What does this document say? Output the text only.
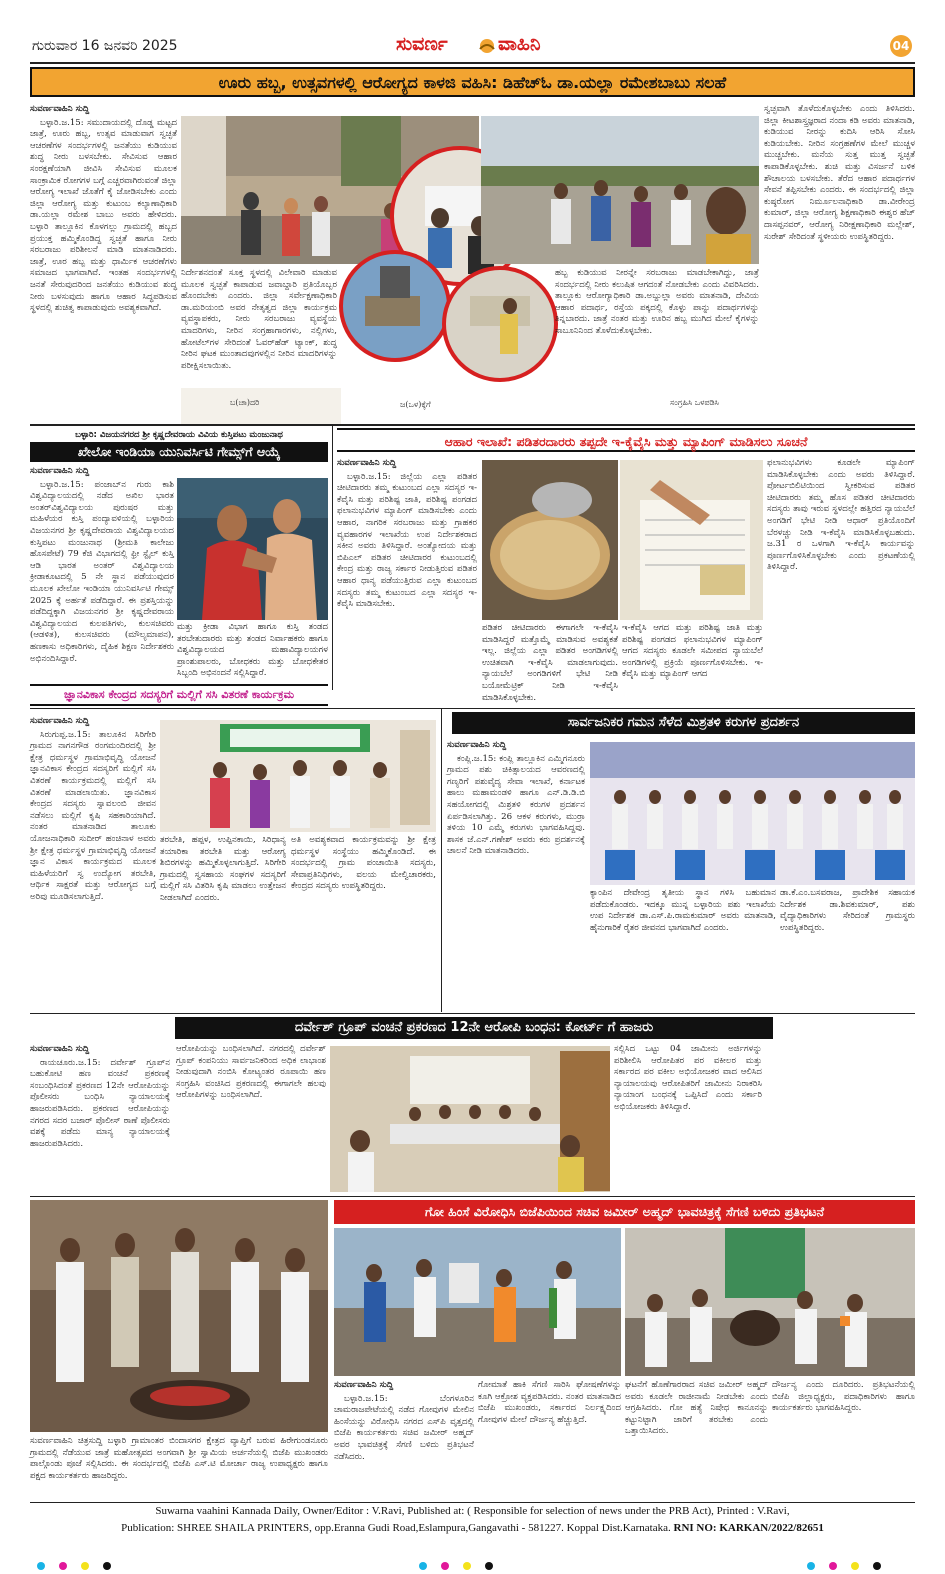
ಗುರುವಾರ 16 ಜನವರಿ 2025	ಸುವರ್ಣ	ವಾಹಿನಿ	04
ಊರು ಹಬ್ಬ, ಉತ್ಸವಗಳಲ್ಲಿ ಆರೋಗ್ಯದ ಕಾಳಜಿ ವಹಿಸಿ: ಡಿಹೆಚ್ಓ ಡಾ.ಯಲ್ಲಾ ರಮೇಶಬಾಬು ಸಲಹೆ

ಸುವರ್ಣವಾಹಿನಿ ಸುದ್ದಿ

ಬಳ್ಳಾರಿ.ಜ.15: ಸಮುದಾಯದಲ್ಲಿ ದೊಡ್ಡ ಮಟ್ಟದ ಜಾತ್ರೆ, ಊರು ಹಬ್ಬ, ಉತ್ಸವ ಮಾಡುವಾಗ ಸ್ವಚ್ಛತೆ ಆಚರಣೆಗಳ ಸಂದರ್ಭಗಳಲ್ಲಿ ಜನತೆಯು ಕುಡಿಯುವ ಶುದ್ಧ ನೀರು ಬಳಸಬೇಕು. ಸೇವಿಸುವ ಆಹಾರ ಸಂರಕ್ಷಣೆಯಾಗಿ ಜೀವಿಸಿ ಸೇವಿಸುವ ಮೂಲಕ ಸಾಂಕ್ರಾಮಿಕ ರೋಗಗಳ ಬಗ್ಗೆ ಎಚ್ಚರವಾಗಿರುವಂತೆ ಜಿಲ್ಲಾ ಆರೋಗ್ಯ ಇಲಾಖೆ ಜೊತೆಗೆ ಕೈ ಜೋಡಿಸಬೇಕು ಎಂದು ಜಿಲ್ಲಾ ಆರೋಗ್ಯ ಮತ್ತು ಕುಟುಂಬ ಕಲ್ಯಾಣಾಧಿಕಾರಿ ಡಾ.ಯಲ್ಲಾ ರಮೇಶ ಬಾಬು ಅವರು ಹೇಳಿದರು. ಬಳ್ಳಾರಿ ತಾಲ್ಲೂಕಿನ ಕೊಳಗಲ್ಲು ಗ್ರಾಮದಲ್ಲಿ ಹಬ್ಬದ ಪ್ರಯುಕ್ತ ಹಮ್ಮಿಕೊಂಡಿದ್ದ ಸ್ವಚ್ಛತೆ ಹಾಗೂ ನೀರು ಸರಬರಾಜು ಪರಿಶೀಲನೆ ಮಾಡಿ ಮಾತನಾಡಿದರು. ಜಾತ್ರೆ, ಊರ ಹಬ್ಬ ಮತ್ತು ಧಾರ್ಮಿಕ ಆಚರಣೆಗಳು ಸಮಾಜದ ಭಾಗವಾಗಿವೆ. ಇಂತಹ ಸಂದರ್ಭಗಳಲ್ಲಿ ಜನತೆ ಸೇರುವುದರಿಂದ ಜನತೆಯು ಕುಡಿಯುವ ಶುದ್ಧ ನೀರು ಬಳಸುವುದು ಹಾಗೂ ಆಹಾರ ಸಿದ್ಧಪಡಿಸುವ ಸ್ಥಳದಲ್ಲಿ ಶುಚಿತ್ವ ಕಾಪಾಡುವುದು ಅವಶ್ಯಕವಾಗಿದೆ.

ನಿರ್ದೇಶನದಂತೆ ಸೂಕ್ತ ಸ್ಥಳದಲ್ಲಿ ವಿಲೇವಾರಿ ಮಾಡುವ ಮೂಲಕ ಸ್ವಚ್ಛತೆ ಕಾಪಾಡುವ ಜವಾಬ್ದಾರಿ ಪ್ರತಿಯೊಬ್ಬರ ಹೊಂದಬೇಕು ಎಂದರು. ಜಿಲ್ಲಾ ಸರ್ವೇಕ್ಷಣಾಧಿಕಾರಿ ಡಾ.ಮರಿಯಂಬಿ ಅವರ ನೇತೃತ್ವದ ಜಿಲ್ಲಾ ಕಾರ್ಯಕ್ರಮ ವ್ಯವಸ್ಥಾಪಕರು, ನೀರು ಸರಬರಾಜು ವ್ಯವಸ್ಥೆಯ ಮಾದರಿಗಳು, ನೀರಿನ ಸಂಗ್ರಹಾಗಾರಗಳು, ನಲ್ಲಿಗಳು, ಹೋಟೆಲ್‌ಗಳ ಸೇರಿದಂತೆ ಓವರ್‌ಹೆಡ್ ಟ್ಯಾಂಕ್, ಶುದ್ಧ ನೀರಿನ ಘಟಕ ಮುಂತಾದವುಗಳಲ್ಲಿನ ನೀರಿನ ಮಾದರಿಗಳನ್ನು ಪರೀಕ್ಷಿಸಲಾಯಿತು.
ಹಬ್ಬ ಕುಡಿಯುವ ನೀರನ್ನೇ ಸರಬರಾಜು ಮಾಡಬೇಕಾಗಿದ್ದು, ಜಾತ್ರೆ ಸಂದರ್ಭದಲ್ಲಿ ನೀರು ಕಲುಷಿತ ಆಗದಂತೆ ನೋಡಬೇಕು ಎಂದು ವಿವರಿಸಿದರು. ತಾಲ್ಲೂಕು ಆರೋಗ್ಯಾಧಿಕಾರಿ ಡಾ.ಅಬ್ದುಲ್ಲಾ ಅವರು ಮಾತನಾಡಿ, ದೇವಿಯ ಆಹಾರ ಪದಾರ್ಥ, ರಸ್ತೆಯ ಪಕ್ಕದಲ್ಲಿ ಕೊಳ್ಳು ಪಾನ್ನು ಪದಾರ್ಥಗಳನ್ನು ತಿನ್ನಬಾರದು. ಜಾತ್ರೆ ನಂತರ ಮತ್ತು ಊರಿನ ಹಬ್ಬ ಮುಗಿದ ಮೇಲೆ ಕೈಗಳನ್ನು ಸಾಬೂನಿನಿಂದ ತೊಳೆದುಕೊಳ್ಳಬೇಕು.
ಬ(ಚಾ)ದರಿ	ಜ(ಒಳ)ಕ್ಕೆಗೆ	ಸಂಗ್ರಹಿಸಿ ಒಳಪಡಿಸಿ
ಸ್ವಚ್ಛವಾಗಿ ತೊಳೆದುಕೊಳ್ಳಬೇಕು ಎಂದು ತಿಳಿಸಿದರು. ಜಿಲ್ಲಾ ಕೀಟಶಾಸ್ತ್ರಜ್ಞರಾದ ನಂದಾ ಕಡಿ ಅವರು ಮಾತನಾಡಿ, ಕುಡಿಯುವ ನೀರನ್ನು ಕುದಿಸಿ ಆರಿಸಿ ಸೋಸಿ ಕುಡಿಯಬೇಕು. ನೀರಿನ ಸಂಗ್ರಹಣೆಗಳ ಮೇಲೆ ಮುಚ್ಚಳ ಮುಚ್ಚಬೇಕು. ಮನೆಯ ಸುತ್ತ ಮುತ್ತ ಸ್ವಚ್ಛತೆ ಕಾಪಾಡಿಕೊಳ್ಳಬೇಕು. ಶುಚಿ ಮತ್ತು ವಿಸರ್ಜನೆ ಬಳಿಕ ಶೌಚಾಲಯ ಬಳಸಬೇಕು. ತೆರೆದ ಆಹಾರ ಪದಾರ್ಥಗಳ ಸೇವನೆ ತಪ್ಪಿಸಬೇಕು ಎಂದರು. ಈ ಸಂದರ್ಭದಲ್ಲಿ ಜಿಲ್ಲಾ ಕುಷ್ಠರೋಗ ನಿರ್ಮೂಲನಾಧಿಕಾರಿ ಡಾ.ವೀರೇಂದ್ರ ಕುಮಾರ್, ಜಿಲ್ಲಾ ಆರೋಗ್ಯ ಶಿಕ್ಷಣಾಧಿಕಾರಿ ಈಶ್ವರ ಹೆಚ್ ದಾಸಪ್ಪನವರ್, ಆರೋಗ್ಯ ನಿರೀಕ್ಷಣಾಧಿಕಾರಿ ಮಲ್ಲೇಶ್, ಸುರೇಶ್ ಸೇರಿದಂತೆ ಸ್ಥಳೀಯರು ಉಪಸ್ಥಿತರಿದ್ದರು.
ಬಳ್ಳಾರಿ: ವಿಜಯನಗರದ ಶ್ರೀ ಕೃಷ್ಣದೇವರಾಯ ವಿವಿಯ ಕುಸ್ತಿಪಟು ಮಂಜುನಾಥ
ಖೇಲೋ ಇಂಡಿಯಾ ಯುನಿವರ್ಸಿಟಿ ಗೇಮ್ಸ್‌ಗೆ ಆಯ್ಕೆ

ಸುವರ್ಣವಾಹಿನಿ ಸುದ್ದಿ

ಬಳ್ಳಾರಿ.ಜ.15: ಪಂಜಾಬ್‌ನ ಗುರು ಕಾಶಿ ವಿಶ್ವವಿದ್ಯಾಲಯದಲ್ಲಿ ನಡೆದ ಅಖಿಲ ಭಾರತ ಅಂತರ್‌ವಿಶ್ವವಿದ್ಯಾಲಯ ಪುರುಷರ ಮತ್ತು ಮಹಿಳೆಯರ ಕುಸ್ತಿ ಪಂದ್ಯಾವಳಿಯಲ್ಲಿ ಬಳ್ಳಾರಿಯ ವಿಜಯನಗರ ಶ್ರೀ ಕೃಷ್ಣದೇವರಾಯ ವಿಶ್ವವಿದ್ಯಾಲಯದ ಕುಸ್ತಿಪಟು ಮಂಜುನಾಥ (ಶ್ರೀಮತಿ ಕಾಲೇಜು ಹೊಸಪೇಟೆ) 79 ಕೆಜಿ ವಿಭಾಗದಲ್ಲಿ ಫ್ರೀ ಸ್ಟೈಲ್ ಕುಸ್ತಿ ಆಡಿ ಭಾರತ ಅಂತರ್ ವಿಶ್ವವಿದ್ಯಾಲಯ ಕ್ರೀಡಾಕೂಟದಲ್ಲಿ 5 ನೇ ಸ್ಥಾನ ಪಡೆಯುವುದರ ಮೂಲಕ ಖೇಲೋ ಇಂಡಿಯಾ ಯುನಿವರ್ಸಿಟಿ ಗೇಮ್ಸ್ 2025 ಕ್ಕೆ ಅರ್ಹತೆ ಪಡೆದಿದ್ದಾರೆ. ಈ ಪ್ರಶಸ್ತಿಯನ್ನು ಪಡೆದಿದ್ದಕ್ಕಾಗಿ ವಿಜಯನಗರ ಶ್ರೀ ಕೃಷ್ಣದೇವರಾಯ ವಿಶ್ವವಿದ್ಯಾಲಯದ ಕುಲಪತಿಗಳು, ಕುಲಸಚಿವರು (ಆಡಳಿತ), ಕುಲಸಚಿವರು (ಮೌಲ್ಯಮಾಪನ), ಹಣಕಾಸು ಅಧಿಕಾರಿಗಳು, ದೈಹಿಕ ಶಿಕ್ಷಣ ನಿರ್ದೇಶಕರು ಅಭಿನಂದಿಸಿದ್ದಾರೆ.

ಮತ್ತು ಕ್ರೀಡಾ ವಿಭಾಗ ಹಾಗೂ ಕುಸ್ತಿ ತಂಡದ ತರಬೇತುದಾರರು ಮತ್ತು ತಂಡದ ನಿರ್ವಾಹಕರು ಹಾಗೂ ವಿಶ್ವವಿದ್ಯಾಲಯದ ಮಹಾವಿದ್ಯಾಲಯಗಳ ಪ್ರಾಂಶುಪಾಲರು, ಬೋಧಕರು ಮತ್ತು ಬೋಧಕೇತರ ಸಿಬ್ಬಂದಿ ಅಭಿನಂದನೆ ಸಲ್ಲಿಸಿದ್ದಾರೆ.
ಆಹಾರ ಇಲಾಖೆ: ಪಡಿತರದಾರರು ತಪ್ಪದೇ ಇ-ಕೈವೈಸಿ ಮತ್ತು ಮ್ಯಾಪಿಂಗ್ ಮಾಡಿಸಲು ಸೂಚನೆ

ಸುವರ್ಣವಾಹಿನಿ ಸುದ್ದಿ

ಬಳ್ಳಾರಿ.ಜ.15: ಜಿಲ್ಲೆಯ ಎಲ್ಲಾ ಪಡಿತರ ಚೀಟಿದಾರರು ತಮ್ಮ ಕುಟುಂಬದ ಎಲ್ಲಾ ಸದಸ್ಯರ ಇ-ಕೆವೈಸಿ ಮತ್ತು ಪರಿಶಿಷ್ಟ ಜಾತಿ, ಪರಿಶಿಷ್ಟ ಪಂಗಡದ ಫಲಾನುಭವಿಗಳ ಮ್ಯಾಪಿಂಗ್ ಮಾಡಿಸಬೇಕು ಎಂದು ಆಹಾರ, ನಾಗರಿಕ ಸರಬರಾಜು ಮತ್ತು ಗ್ರಾಹಕರ ವ್ಯವಹಾರಗಳ ಇಲಾಖೆಯ ಉಪ ನಿರ್ದೇಶಕರಾದ ಸಕೀನ ಅವರು ತಿಳಿಸಿದ್ದಾರೆ. ಅಂತ್ಯೋದಯ ಮತ್ತು ಬಿಪಿಎಲ್ ಪಡಿತರ ಚೀಟಿದಾರರ ಕುಟುಂಬದಲ್ಲಿ ಕೇಂದ್ರ ಮತ್ತು ರಾಜ್ಯ ಸರ್ಕಾರ ನೀಡುತ್ತಿರುವ ಪಡಿತರ ಆಹಾರ ಧಾನ್ಯ ಪಡೆಯುತ್ತಿರುವ ಎಲ್ಲಾ ಕುಟುಂಬದ ಸದಸ್ಯರು ತಮ್ಮ ಕುಟುಂಬದ ಎಲ್ಲಾ ಸದಸ್ಯರ ಇ-ಕೆವೈಸಿ ಮಾಡಿಸಬೇಕು.

ಪಡಿತರ ಚೀಟಿದಾರರು ಈಗಾಗಲೇ ಇ-ಕೆವೈಸಿ ಮಾಡಿಸಿದ್ದರೆ ಮತ್ತೊಮ್ಮೆ ಮಾಡಿಸುವ ಅವಶ್ಯಕತೆ ಇಲ್ಲ. ಜಿಲ್ಲೆಯ ಎಲ್ಲಾ ಪಡಿತರ ಅಂಗಡಿಗಳಲ್ಲಿ ಉಚಿತವಾಗಿ ಇ-ಕೆವೈಸಿ ಮಾಡಲಾಗುವುದು. ನ್ಯಾಯಬೆಲೆ ಅಂಗಡಿಗಳಿಗೆ ಭೇಟಿ ನೀಡಿ ಬಯೋಮೆಟ್ರಿಕ್ ನೀಡಿ ಇ-ಕೆವೈಸಿ ಮಾಡಿಸಿಕೊಳ್ಳಬೇಕು.
ಇ-ಕೆವೈಸಿ ಆಗದ ಮತ್ತು ಪರಿಶಿಷ್ಟ ಜಾತಿ ಮತ್ತು ಪರಿಶಿಷ್ಟ ಪಂಗಡದ ಫಲಾನುಭವಿಗಳ ಮ್ಯಾಪಿಂಗ್ ಆಗದ ಸದಸ್ಯರು ಕೂಡಲೇ ಸಮೀಪದ ನ್ಯಾಯಬೆಲೆ ಅಂಗಡಿಗಳಲ್ಲಿ ಪ್ರಕ್ರಿಯೆ ಪೂರ್ಣಗೊಳಿಸಬೇಕು. ಇ-ಕೆವೈಸಿ ಮತ್ತು ಮ್ಯಾಪಿಂಗ್ ಆಗದ
ಫಲಾನುಭವಿಗಳು ಕೂಡಲೇ ಮ್ಯಾಪಿಂಗ್ ಮಾಡಿಸಿಕೊಳ್ಳಬೇಕು ಎಂದು ಅವರು ತಿಳಿಸಿದ್ದಾರೆ. ಪೋರ್ಟಬಿಲಿಟಿಯಿಂದ ಸ್ವೀಕರಿಸುವ ಪಡಿತರ ಚೀಟಿದಾರರು ತಮ್ಮ ಹೊಸ ಪಡಿತರ ಚೀಟಿದಾರರು ಸದಸ್ಯರು ತಾವು ಇರುವ ಸ್ಥಳದಲ್ಲೇ ಹತ್ತಿರದ ನ್ಯಾಯಬೆಲೆ ಅಂಗಡಿಗೆ ಭೇಟಿ ನೀಡಿ ಆಧಾರ್ ಪ್ರತಿಯೊಂದಿಗೆ ಬೆರಳಚ್ಚು ನೀಡಿ ಇ-ಕೆವೈಸಿ ಮಾಡಿಸಿಕೊಳ್ಳಬಹುದು. ಜ.31 ರ ಒಳಗಾಗಿ ಇ-ಕೆವೈಸಿ ಕಾರ್ಯವನ್ನು ಪೂರ್ಣಗೊಳಿಸಿಕೊಳ್ಳಬೇಕು ಎಂದು ಪ್ರಕಟಣೆಯಲ್ಲಿ ತಿಳಿಸಿದ್ದಾರೆ.
ಜ್ಞಾನವಿಕಾಸ ಕೇಂದ್ರದ ಸದಸ್ಯರಿಗೆ ಮಲ್ಲಿಗೆ ಸಸಿ ವಿತರಣೆ ಕಾರ್ಯಕ್ರಮ

ಸುವರ್ಣವಾಹಿನಿ ಸುದ್ದಿ

ಸಿರುಗುಪ್ಪ.ಜ.15: ತಾಲೂಕಿನ ಸಿರಿಗೇರಿ ಗ್ರಾಮದ ನಾಗನಗೌಡ ರಂಗಮಂದಿರದಲ್ಲಿ ಶ್ರೀ ಕ್ಷೇತ್ರ ಧರ್ಮಸ್ಥಳ ಗ್ರಾಮಾಭಿವೃದ್ಧಿ ಯೋಜನೆ ಜ್ಞಾನವಿಕಾಸ ಕೇಂದ್ರದ ಸದಸ್ಯರಿಗೆ ಮಲ್ಲಿಗೆ ಸಸಿ ವಿತರಣೆ ಕಾರ್ಯಕ್ರಮದಲ್ಲಿ ಮಲ್ಲಿಗೆ ಸಸಿ ವಿತರಣೆ ಮಾಡಲಾಯಿತು. ಜ್ಞಾನವಿಕಾಸ ಕೇಂದ್ರದ ಸದಸ್ಯರು ಸ್ವಾವಲಂಬಿ ಜೀವನ ನಡೆಸಲು ಮಲ್ಲಿಗೆ ಕೃಷಿ ಸಹಕಾರಿಯಾಗಿದೆ. ನಂತರ ಮಾತನಾಡಿದ ತಾಲೂಕು ಯೋಜನಾಧಿಕಾರಿ ಸುದೀರ್ ಹಂಚಿನಾಳ ಅವರು ಶ್ರೀ ಕ್ಷೇತ್ರ ಧರ್ಮಸ್ಥಳ ಗ್ರಾಮಾಭಿವೃದ್ಧಿ ಯೋಜನೆ ಜ್ಞಾನ ವಿಕಾಸ ಕಾರ್ಯಕ್ರಮದ ಮೂಲಕ ಮಹಿಳೆಯರಿಗೆ ಸ್ವ ಉದ್ಯೋಗ ತರಬೇತಿ, ಆರ್ಥಿಕ ಸಾಕ್ಷರತೆ ಮತ್ತು ಆರೋಗ್ಯದ ಬಗ್ಗೆ ಅರಿವು ಮೂಡಿಸಲಾಗುತ್ತಿದೆ.

ತರಬೇತಿ, ಹಪ್ಪಳ, ಉಪ್ಪಿನಕಾಯಿ, ಸಿರಿಧಾನ್ಯ ತಯಾರಿಕಾ ತರಬೇತಿ ಮತ್ತು ಆರೋಗ್ಯ ಶಿಬಿರಗಳನ್ನು ಹಮ್ಮಿಕೊಳ್ಳಲಾಗುತ್ತಿದೆ. ಸಿರಿಗೇರಿ ಗ್ರಾಮದಲ್ಲಿ ಸ್ವಸಹಾಯ ಸಂಘಗಳ ಸದಸ್ಯರಿಗೆ ಮಲ್ಲಿಗೆ ಸಸಿ ವಿತರಿಸಿ ಕೃಷಿ ಮಾಡಲು ಉತ್ತೇಜನ ನೀಡಲಾಗಿದೆ ಎಂದರು.
ಅತಿ ಅವಶ್ಯಕವಾದ ಕಾರ್ಯಕ್ರಮವನ್ನು ಶ್ರೀ ಕ್ಷೇತ್ರ ಧರ್ಮಸ್ಥಳ ಸಂಸ್ಥೆಯು ಹಮ್ಮಿಕೊಂಡಿದೆ. ಈ ಸಂದರ್ಭದಲ್ಲಿ ಗ್ರಾಮ ಪಂಚಾಯಿತಿ ಸದಸ್ಯರು, ಸೇವಾಪ್ರತಿನಿಧಿಗಳು, ವಲಯ ಮೇಲ್ವಿಚಾರಕರು, ಕೇಂದ್ರದ ಸದಸ್ಯರು ಉಪಸ್ಥಿತರಿದ್ದರು.
ಸಾರ್ವಜನಿಕರ ಗಮನ ಸೆಳೆದ ಮಿಶ್ರತಳಿ ಕರುಗಳ ಪ್ರದರ್ಶನ

ಸುವರ್ಣವಾಹಿನಿ ಸುದ್ದಿ

ಕಂಪ್ಲಿ.ಜ.15: ಕಂಪ್ಲಿ ತಾಲ್ಲೂಕಿನ ಎಮ್ಮಿಗನೂರು ಗ್ರಾಮದ ಪಶು ಚಿಕಿತ್ಸಾಲಯದ ಆವರಣದಲ್ಲಿ ಗಣ್ಯರಿಗೆ ಪಶುವೈದ್ಯ ಸೇವಾ ಇಲಾಖೆ, ಕರ್ನಾಟಕ ಹಾಲು ಮಹಾಮಂಡಳಿ ಹಾಗೂ ಎನ್.ಡಿ.ಡಿ.ಬಿ ಸಹಯೋಗದಲ್ಲಿ ಮಿಶ್ರತಳಿ ಕರುಗಳ ಪ್ರದರ್ಶನ ಏರ್ಪಡಿಸಲಾಗಿತ್ತು. 26 ಆಕಳ ಕರುಗಳು, ಮುರ್ರಾ ತಳಿಯ 10 ಎಮ್ಮೆ ಕರುಗಳು ಭಾಗವಹಿಸಿದ್ದವು. ಶಾಸಕ ಜೆ.ಎನ್.ಗಣೇಶ್ ಅವರು ಕರು ಪ್ರದರ್ಶನಕ್ಕೆ ಚಾಲನೆ ನೀಡಿ ಮಾತನಾಡಿದರು.

ಕ್ಯಾಂಪಿನ ದೇವೇಂದ್ರ ತೃತೀಯ ಸ್ಥಾನ ಗಳಿಸಿ ಬಹುಮಾನ ಪಡೆದುಕೊಂಡರು. ಇದಕ್ಕೂ ಮುನ್ನ ಬಳ್ಳಾರಿಯ ಪಶು ಇಲಾಖೆಯ ಉಪ ನಿರ್ದೇಶಕ ಡಾ.ಎಸ್.ಪಿ.ರಾಮಕುಮಾರ್ ಅವರು ಮಾತನಾಡಿ, ಹೈನುಗಾರಿಕೆ ರೈತರ ಜೀವನದ ಭಾಗವಾಗಿದೆ ಎಂದರು.
ಡಾ.ಕೆ.ಎಂ.ಬಸವರಾಜ, ಪ್ರಾದೇಶಿಕ ಸಹಾಯಕ ನಿರ್ದೇಶಕ ಡಾ.ಶಿವಕುಮಾರ್, ಪಶು ವೈದ್ಯಾಧಿಕಾರಿಗಳು ಸೇರಿದಂತೆ ಗ್ರಾಮಸ್ಥರು ಉಪಸ್ಥಿತರಿದ್ದರು.
ದರ್ವೇಶ್ ಗ್ರೂಪ್ ವಂಚನೆ ಪ್ರಕರಣದ 12ನೇ ಆರೋಪಿ ಬಂಧನ: ಕೋರ್ಟ್ ಗೆ ಹಾಜರು

ಸುವರ್ಣವಾಹಿನಿ ಸುದ್ದಿ

ರಾಯಚೂರು.ಜ.15: ದರ್ವೇಶ್ ಗ್ರೂಪ್‌ನ ಬಹುಕೋಟಿ ಹಣ ವಂಚನೆ ಪ್ರಕರಣಕ್ಕೆ ಸಂಬಂಧಿಸಿದಂತೆ ಪ್ರಕರಣದ 12ನೇ ಆರೋಪಿಯನ್ನು ಪೊಲೀಸರು ಬಂಧಿಸಿ ನ್ಯಾಯಾಲಯಕ್ಕೆ ಹಾಜರುಪಡಿಸಿದರು. ಪ್ರಕರಣದ ಆರೋಪಿಯನ್ನು ನಗರದ ಸದರ ಬಜಾರ್ ಪೊಲೀಸ್ ಠಾಣೆ ಪೊಲೀಸರು ವಶಕ್ಕೆ ಪಡೆದು ಮಾನ್ಯ ನ್ಯಾಯಾಲಯಕ್ಕೆ ಹಾಜರುಪಡಿಸಿದರು.

ಆರೋಪಿಯನ್ನು ಬಂಧಿಸಲಾಗಿದೆ. ನಗರದಲ್ಲಿ ದರ್ವೇಶ್ ಗ್ರೂಪ್ ಕಂಪನಿಯು ಸಾರ್ವಜನಿಕರಿಂದ ಅಧಿಕ ಲಾಭಾಂಶ ನೀಡುವುದಾಗಿ ನಂಬಿಸಿ ಕೋಟ್ಯಂತರ ರೂಪಾಯಿ ಹಣ ಸಂಗ್ರಹಿಸಿ ವಂಚಿಸಿದ ಪ್ರಕರಣದಲ್ಲಿ ಈಗಾಗಲೇ ಹಲವು ಆರೋಪಿಗಳನ್ನು ಬಂಧಿಸಲಾಗಿದೆ.
ಸಲ್ಲಿಸಿದ ಒಟ್ಟು 04 ಜಾಮೀನು ಅರ್ಜಿಗಳನ್ನು ಪರಿಶೀಲಿಸಿ ಆರೋಪಿತರ ಪರ ವಕೀಲರ ಮತ್ತು ಸರ್ಕಾರದ ಪರ ವಕೀಲ ಅಭಿಯೋಜಕರ ವಾದ ಆಲಿಸಿದ ನ್ಯಾಯಾಲಯವು ಆರೋಪಿತರಿಗೆ ಜಾಮೀನು ನಿರಾಕರಿಸಿ ನ್ಯಾಯಾಂಗ ಬಂಧನಕ್ಕೆ ಒಪ್ಪಿಸಿದೆ ಎಂದು ಸರ್ಕಾರಿ ಅಭಿಯೋಜಕರು ತಿಳಿಸಿದ್ದಾರೆ.
ಸುವರ್ಣವಾಹಿನಿ ಚಿತ್ರಸುದ್ದಿ ಬಳ್ಳಾರಿ ಗ್ರಾಮಾಂತರ ಬಿಂದಾಸಗರ ಕ್ಷೇತ್ರದ ವ್ಯಾಪ್ತಿಗೆ ಬರುವ ಹಿರೇಗುಂಡನೂರು ಗ್ರಾಮದಲ್ಲಿ ನೆಡೆಯುವ ಜಾತ್ರೆ ಮಹೋತ್ಸವದ ಅಂಗವಾಗಿ ಶ್ರೀ ಸ್ವಾಮಿಯ ಅರ್ಚನೆಯಲ್ಲಿ ಬಿಜೆಪಿ ಮುಖಂಡರು ಪಾಲ್ಗೊಂಡು ಪೂಜೆ ಸಲ್ಲಿಸಿದರು. ಈ ಸಂದರ್ಭದಲ್ಲಿ ಬಿಜೆಪಿ ಎಸ್.ಟಿ ಮೋರ್ಚಾ ರಾಜ್ಯ ಉಪಾಧ್ಯಕ್ಷರು ಹಾಗೂ ಪಕ್ಷದ ಕಾರ್ಯಕರ್ತರು ಹಾಜರಿದ್ದರು.
ಗೋ ಹಿಂಸೆ ವಿರೋಧಿಸಿ ಬಿಜೆಪಿಯಿಂದ ಸಚಿವ ಜಮೀರ್ ಅಹ್ಮದ್ ಭಾವಚಿತ್ರಕ್ಕೆ ಸೆಗಣಿ ಬಳಿದು ಪ್ರತಿಭಟನೆ

ಸುವರ್ಣವಾಹಿನಿ ಸುದ್ದಿ

ಬಳ್ಳಾರಿ.ಜ.15: ಬೆಂಗಳೂರಿನ ಚಾಮರಾಜಪೇಟೆಯಲ್ಲಿ ನಡೆದ ಗೋವುಗಳ ಮೇಲಿನ ಹಿಂಸೆಯನ್ನು ವಿರೋಧಿಸಿ ನಗರದ ಎಸ್‌ಪಿ ವೃತ್ತದಲ್ಲಿ ಬಿಜೆಪಿ ಕಾರ್ಯಕರ್ತರು ಸಚಿವ ಜಮೀರ್ ಅಹ್ಮದ್ ಅವರ ಭಾವಚಿತ್ರಕ್ಕೆ ಸೆಗಣಿ ಬಳಿದು ಪ್ರತಿಭಟನೆ ನಡೆಸಿದರು.

ಗೋಮಾತೆ ಹಾಕಿ ಸೆಗಣಿ ಸಾರಿಸಿ ಘೋಷಣೆಗಳನ್ನು ಕೂಗಿ ಆಕ್ರೋಶ ವ್ಯಕ್ತಪಡಿಸಿದರು. ನಂತರ ಮಾತನಾಡಿದ ಬಿಜೆಪಿ ಮುಖಂಡರು, ಸರ್ಕಾರದ ನಿರ್ಲಕ್ಷ್ಯದಿಂದ ಗೋವುಗಳ ಮೇಲೆ ದೌರ್ಜನ್ಯ ಹೆಚ್ಚುತ್ತಿದೆ.
ಘಟನೆಗೆ ಹೊಣೆಗಾರರಾದ ಸಚಿವ ಜಮೀರ್ ಅಹ್ಮದ್ ಅವರು ಕೂಡಲೇ ರಾಜೀನಾಮೆ ನೀಡಬೇಕು ಎಂದು ಆಗ್ರಹಿಸಿದರು. ಗೋ ಹತ್ಯೆ ನಿಷೇಧ ಕಾನೂನನ್ನು ಕಟ್ಟುನಿಟ್ಟಾಗಿ ಜಾರಿಗೆ ತರಬೇಕು ಎಂದು ಒತ್ತಾಯಿಸಿದರು.
ದೌರ್ಜನ್ಯ ಎಂದು ದೂರಿದರು. ಪ್ರತಿಭಟನೆಯಲ್ಲಿ ಬಿಜೆಪಿ ಜಿಲ್ಲಾಧ್ಯಕ್ಷರು, ಪದಾಧಿಕಾರಿಗಳು ಹಾಗೂ ಕಾರ್ಯಕರ್ತರು ಭಾಗವಹಿಸಿದ್ದರು.
Suwarna vaahini Kannada Daily, Owner/Editor : V.Ravi, Published at: ( Responsible for selection of news under the PRB Act), Printed : V.Ravi,
Publication: SHREE SHAILA PRINTERS, opp.Eranna Gudi Road,Eslampura,Gangavathi - 581227. Koppal Dist.Karnataka. RNI NO: KARKAN/2022/82651
